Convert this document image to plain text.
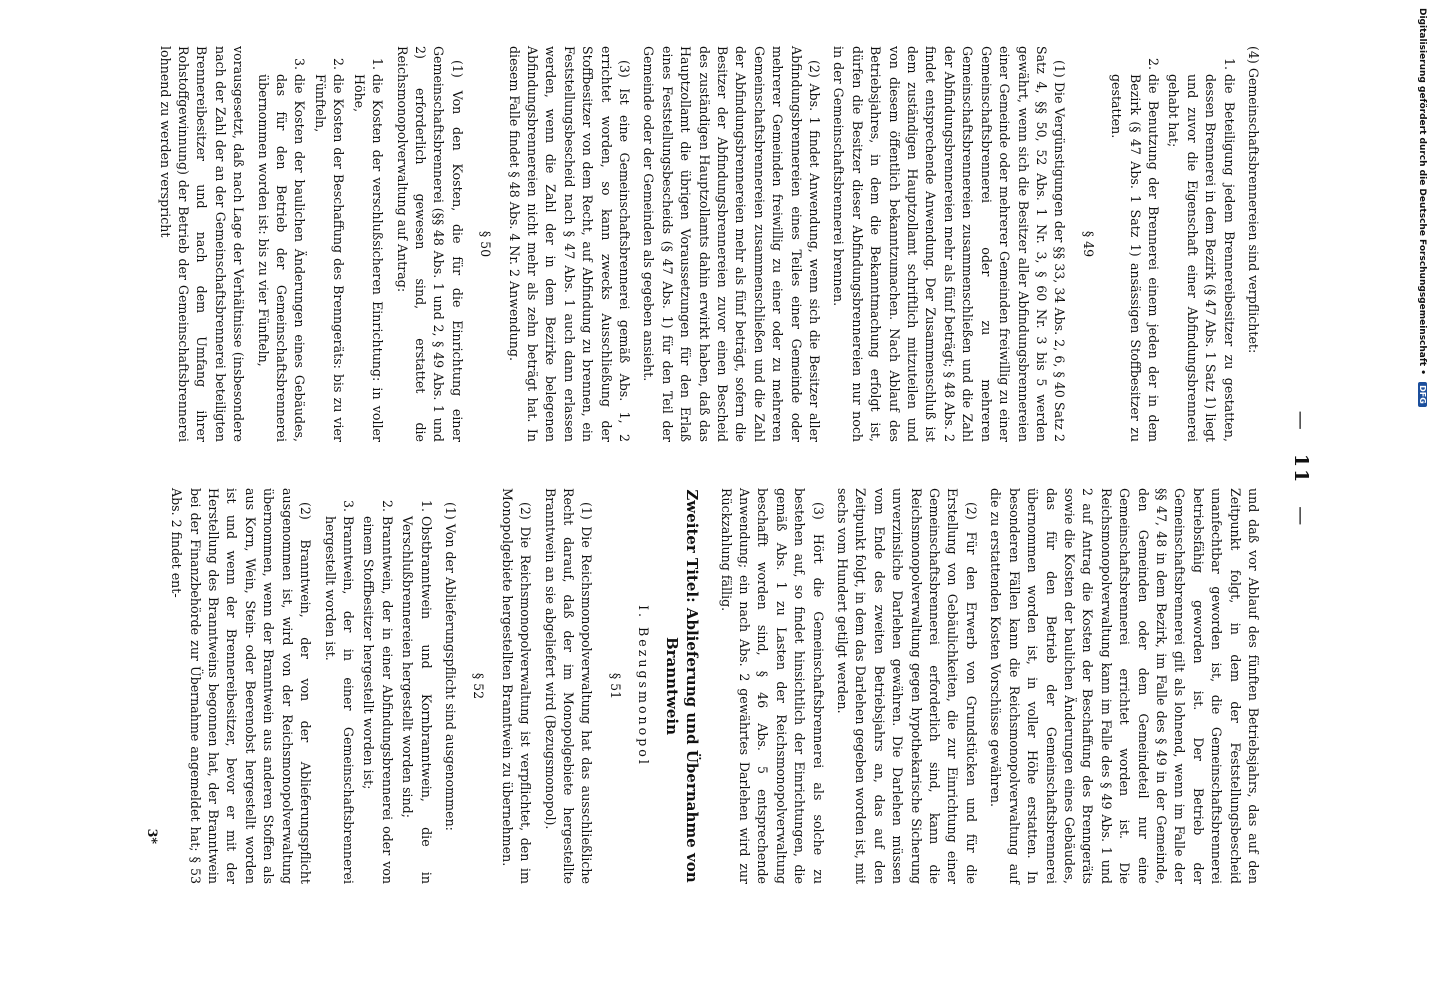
— 11 —

(4) Gemeinschaftsbrennereien sind verpflichtet:

1. die Beteiligung jedem Brennereibesitzer zu gestatten, dessen Brennerei in dem Bezirk (§ 47 Abs. 1 Satz 1) liegt und zuvor die Eigenschaft einer Abfindungsbrennerei gehabt hat;
2. die Benutzung der Brennerei einem jeden der in dem Bezirk (§ 47 Abs. 1 Satz 1) ansässigen Stoffbesitzer zu gestatten.

§ 49

(1) Die Vergünstigungen der §§ 33, 34 Abs. 2, 6, § 40 Satz 2 Satz 4, §§ 50, 52 Abs. 1 Nr. 3, § 60 Nr. 3 bis 5 werden gewährt, wenn sich die Besitzer aller Abfindungsbrennereien einer Gemeinde oder mehrerer Gemeinden freiwillig zu einer Gemeinschaftsbrennerei oder zu mehreren Gemeinschaftsbrennereien zusammenschließen und die Zahl der Abfindungsbrennereien mehr als fünf beträgt; § 48 Abs. 2 findet entsprechende Anwendung. Der Zusammenschluß ist dem zuständigen Hauptzollamt schriftlich mitzuteilen und von diesem öffentlich bekanntzumachen. Nach Ablauf des Betriebsjahres, in dem die Bekanntmachung erfolgt ist, dürfen die Besitzer dieser Abfindungsbrennereien nur noch in der Gemeinschaftsbrennerei brennen.

(2) Abs. 1 findet Anwendung, wenn sich die Besitzer aller Abfindungsbrennereien eines Teiles einer Gemeinde oder mehrerer Gemeinden freiwillig zu einer oder zu mehreren Gemeinschaftsbrennereien zusammenschließen und die Zahl der Abfindungsbrennereien mehr als fünf beträgt, sofern die Besitzer der Abfindungsbrennereien zuvor einen Bescheid des zuständigen Hauptzollamts dahin erwirkt haben, daß das Hauptzollamt die übrigen Voraussetzungen für den Erlaß eines Feststellungsbescheids (§ 47 Abs. 1) für den Teil der Gemeinde oder der Gemeinden als gegeben ansieht.

(3) Ist eine Gemeinschaftsbrennerei gemäß Abs. 1, 2 errichtet worden, so kann zwecks Ausschließung der Stoffbesitzer von dem Recht, auf Abfindung zu brennen, ein Feststellungsbescheid nach § 47 Abs. 1 auch dann erlassen werden, wenn die Zahl der in dem Bezirke belegenen Abfindungsbrennereien nicht mehr als zehn beträgt hat. In diesem Falle findet § 48 Abs. 4 Nr. 2 Anwendung.

§ 50

(1) Von den Kosten, die für die Einrichtung einer Gemeinschaftsbrennerei (§§ 48 Abs. 1 und 2, § 49 Abs. 1 und 2) erforderlich gewesen sind, erstattet die Reichsmonopolverwaltung auf Antrag:

1. die Kosten der verschlußsicheren Einrichtung: in voller Höhe,
2. die Kosten der Beschaffung des Brenngeräts: bis zu vier Fünfteln,
3. die Kosten der baulichen Änderungen eines Gebäudes, das für den Betrieb der Gemeinschaftsbrennerei übernommen worden ist: bis zu vier Fünfteln,

vorausgesetzt, daß nach Lage der Verhältnisse (insbesondere nach der Zahl der an der Gemeinschaftsbrennerei beteiligten Brennereibesitzer und nach dem Umfang ihrer Rohstoffgewinnung) der Betrieb der Gemeinschaftsbrennerei lohnend zu werden verspricht

und daß vor Ablauf des fünften Betriebsjahrs, das auf den Zeitpunkt folgt, in dem der Feststellungsbescheid unanfechtbar geworden ist, die Gemeinschaftsbrennerei betriebsfähig geworden ist. Der Betrieb der Gemeinschaftsbrennerei gilt als lohnend, wenn im Falle der §§ 47, 48 in dem Bezirk, im Falle des § 49 in der Gemeinde, den Gemeinden oder dem Gemeindeteil nur eine Gemeinschaftsbrennerei errichtet worden ist. Die Reichsmonopolverwaltung kann im Falle des § 49 Abs. 1 und 2 auf Antrag die Kosten der Beschaffung des Brenngeräts sowie die Kosten der baulichen Änderungen eines Gebäudes, das für den Betrieb der Gemeinschaftsbrennerei übernommen worden ist, in voller Höhe erstatten. In besonderen Fällen kann die Reichsmonopolverwaltung auf die zu erstattenden Kosten Vorschüsse gewähren.

(2) Für den Erwerb von Grundstücken und für die Erstellung von Gebäulichkeiten, die zur Einrichtung einer Gemeinschaftsbrennerei erforderlich sind, kann die Reichsmonopolverwaltung gegen hypothekarische Sicherung unverzinsliche Darlehen gewähren. Die Darlehen müssen vom Ende des zweiten Betriebsjahrs an, das auf den Zeitpunkt folgt, in dem das Darlehen gegeben worden ist, mit sechs vom Hundert getilgt werden.

(3) Hört die Gemeinschaftsbrennerei als solche zu bestehen auf, so findet hinsichtlich der Einrichtungen, die gemäß Abs. 1 zu Lasten der Reichsmonopolverwaltung beschafft worden sind, § 46 Abs. 5 entsprechende Anwendung; ein nach Abs. 2 gewährtes Darlehen wird zur Rückzahlung fällig.

Zweiter Titel: Ablieferung und Übernahme von Branntwein

I. Bezugsmonopol

§ 51

(1) Die Reichsmonopolverwaltung hat das ausschließliche Recht darauf, daß der im Monopolgebiete hergestellte Branntwein an sie abgeliefert wird (Bezugsmonopol).

(2) Die Reichsmonopolverwaltung ist verpflichtet, den im Monopolgebiete hergestellten Branntwein zu übernehmen.

§ 52

(1) Von der Ablieferungspflicht sind ausgenommen:

1. Obstbranntwein und Kornbranntwein, die in Verschlußbrennereien hergestellt worden sind;
2. Branntwein, der in einer Abfindungsbrennerei oder von einem Stoffbesitzer hergestellt worden ist;
3. Branntwein, der in einer Gemeinschaftsbrennerei hergestellt worden ist.

(2) Branntwein, der von der Ablieferungspflicht ausgenommen ist, wird von der Reichsmonopolverwaltung übernommen, wenn der Branntwein aus anderen Stoffen als aus Korn, Wein, Stein- oder Beerenobst hergestellt worden ist und wenn der Brennereibesitzer, bevor er mit der Herstellung des Branntweins begonnen hat, der Branntwein bei der Finanzbehörde zur Übernahme angemeldet hat; § 53 Abs. 2 findet ent-

3*

Digitalisierung gefördert durch die Deutsche Forschungsgemeinschaft • DFG
